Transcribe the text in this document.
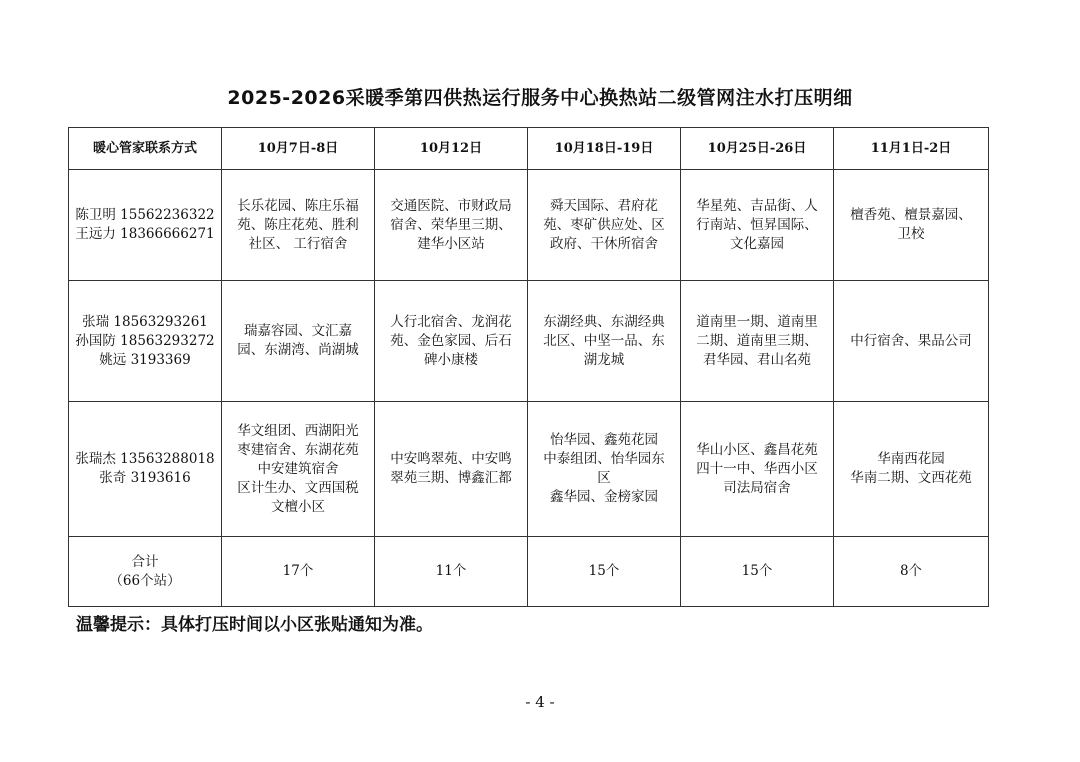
2025-2026采暖季第四供热运行服务中心换热站二级管网注水打压明细
暖心管家联系方式	10月7日-8日	10月12日	10月18日-19日	10月25日-26日	11月1日-2日

陈卫明 15562236322
王远力 18366666271	长乐花园、陈庄乐福
苑、陈庄花苑、胜利
社区、 工行宿舍	交通医院、市财政局
宿舍、荣华里三期、
建华小区站	舜天国际、君府花
苑、枣矿供应处、区
政府、干休所宿舍	华星苑、吉品街、人
行南站、恒昇国际、
文化嘉园	檀香苑、檀景嘉园、
卫校

张瑞 18563293261
孙国防 18563293272
姚远 3193369	瑞嘉容园、文汇嘉
园、东湖湾、尚湖城	人行北宿舍、龙润花
苑、金色家园、后石
碑小康楼	东湖经典、东湖经典
北区、中坚一品、东
湖龙城	道南里一期、道南里
二期、道南里三期、
君华园、君山名苑	中行宿舍、果品公司

张瑞杰 13563288018
张奇 3193616	华文组团、西湖阳光
枣建宿舍、东湖花苑
中安建筑宿舍
区计生办、文西国税
文檀小区	中安鸣翠苑、中安鸣
翠苑三期、博鑫汇都	怡华园、鑫苑花园
中泰组团、怡华园东
区
鑫华园、金榜家园	华山小区、鑫昌花苑
四十一中、华西小区
司法局宿舍	华南西花园
华南二期、文西花苑

合计
（66个站）	17个	11个	15个	15个	8个
温馨提示：具体打压时间以小区张贴通知为准。
- 4 -
